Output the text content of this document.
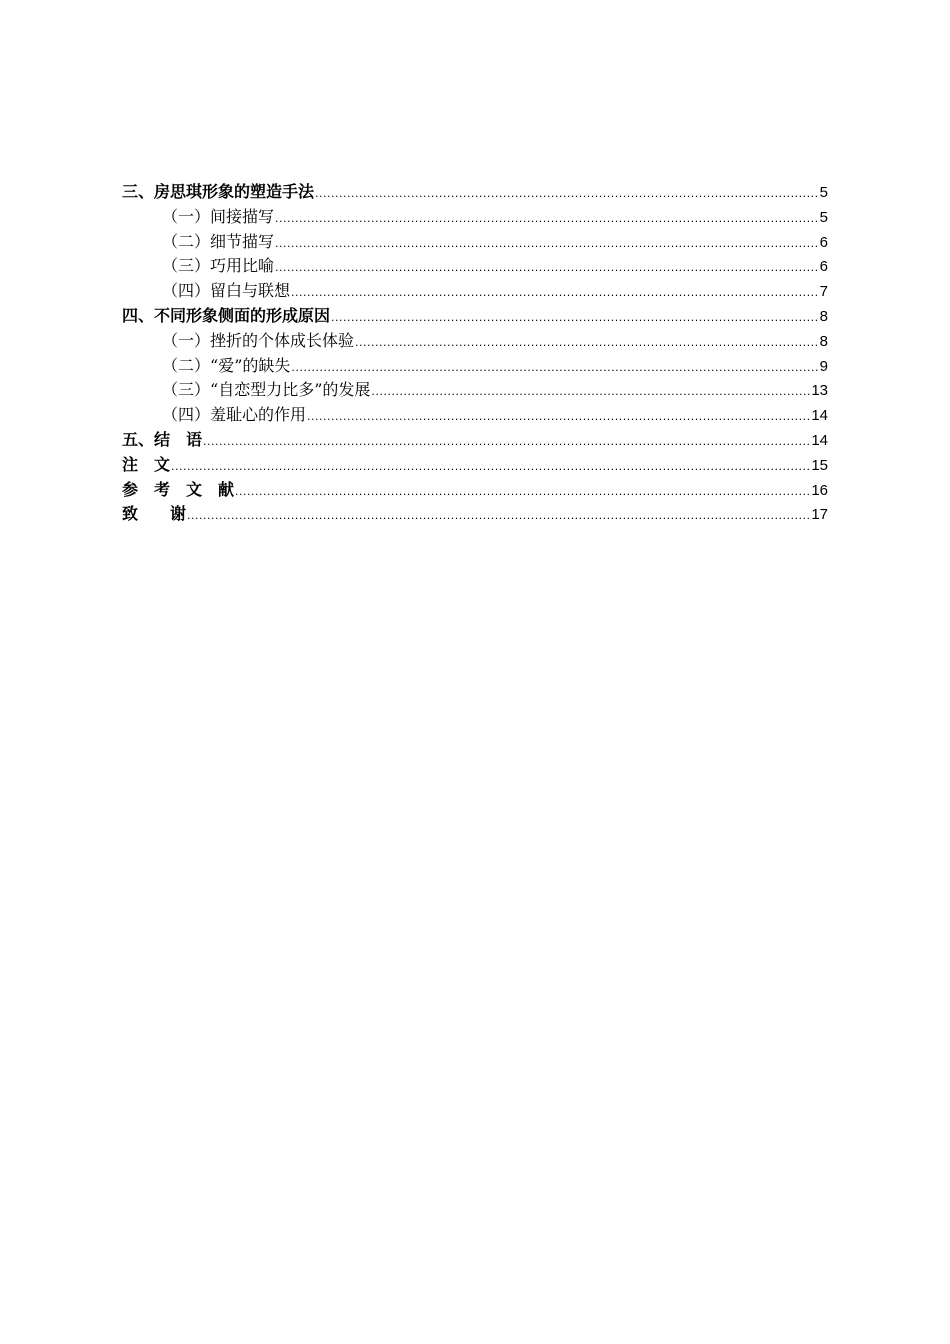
三、 房思琪形象的塑造手法 .....	5
（一） 间接描写 .....	5
（二） 细节描写 .....	6
（三） 巧用比喻 .....	6
（四） 留白与联想 .....	7
四、 不同形象侧面的形成原因 .....	8
（一） 挫折的个体成长体验 .....	8
（二） “爱”的缺失 .....	9
（三） “自恋型力比多”的发展 .....	13
（四） 羞耻心的作用 .....	14
五、结　语 .....	14
注　文 .....	15
参　考　文　献 .....	16
致　　谢 .....	17
